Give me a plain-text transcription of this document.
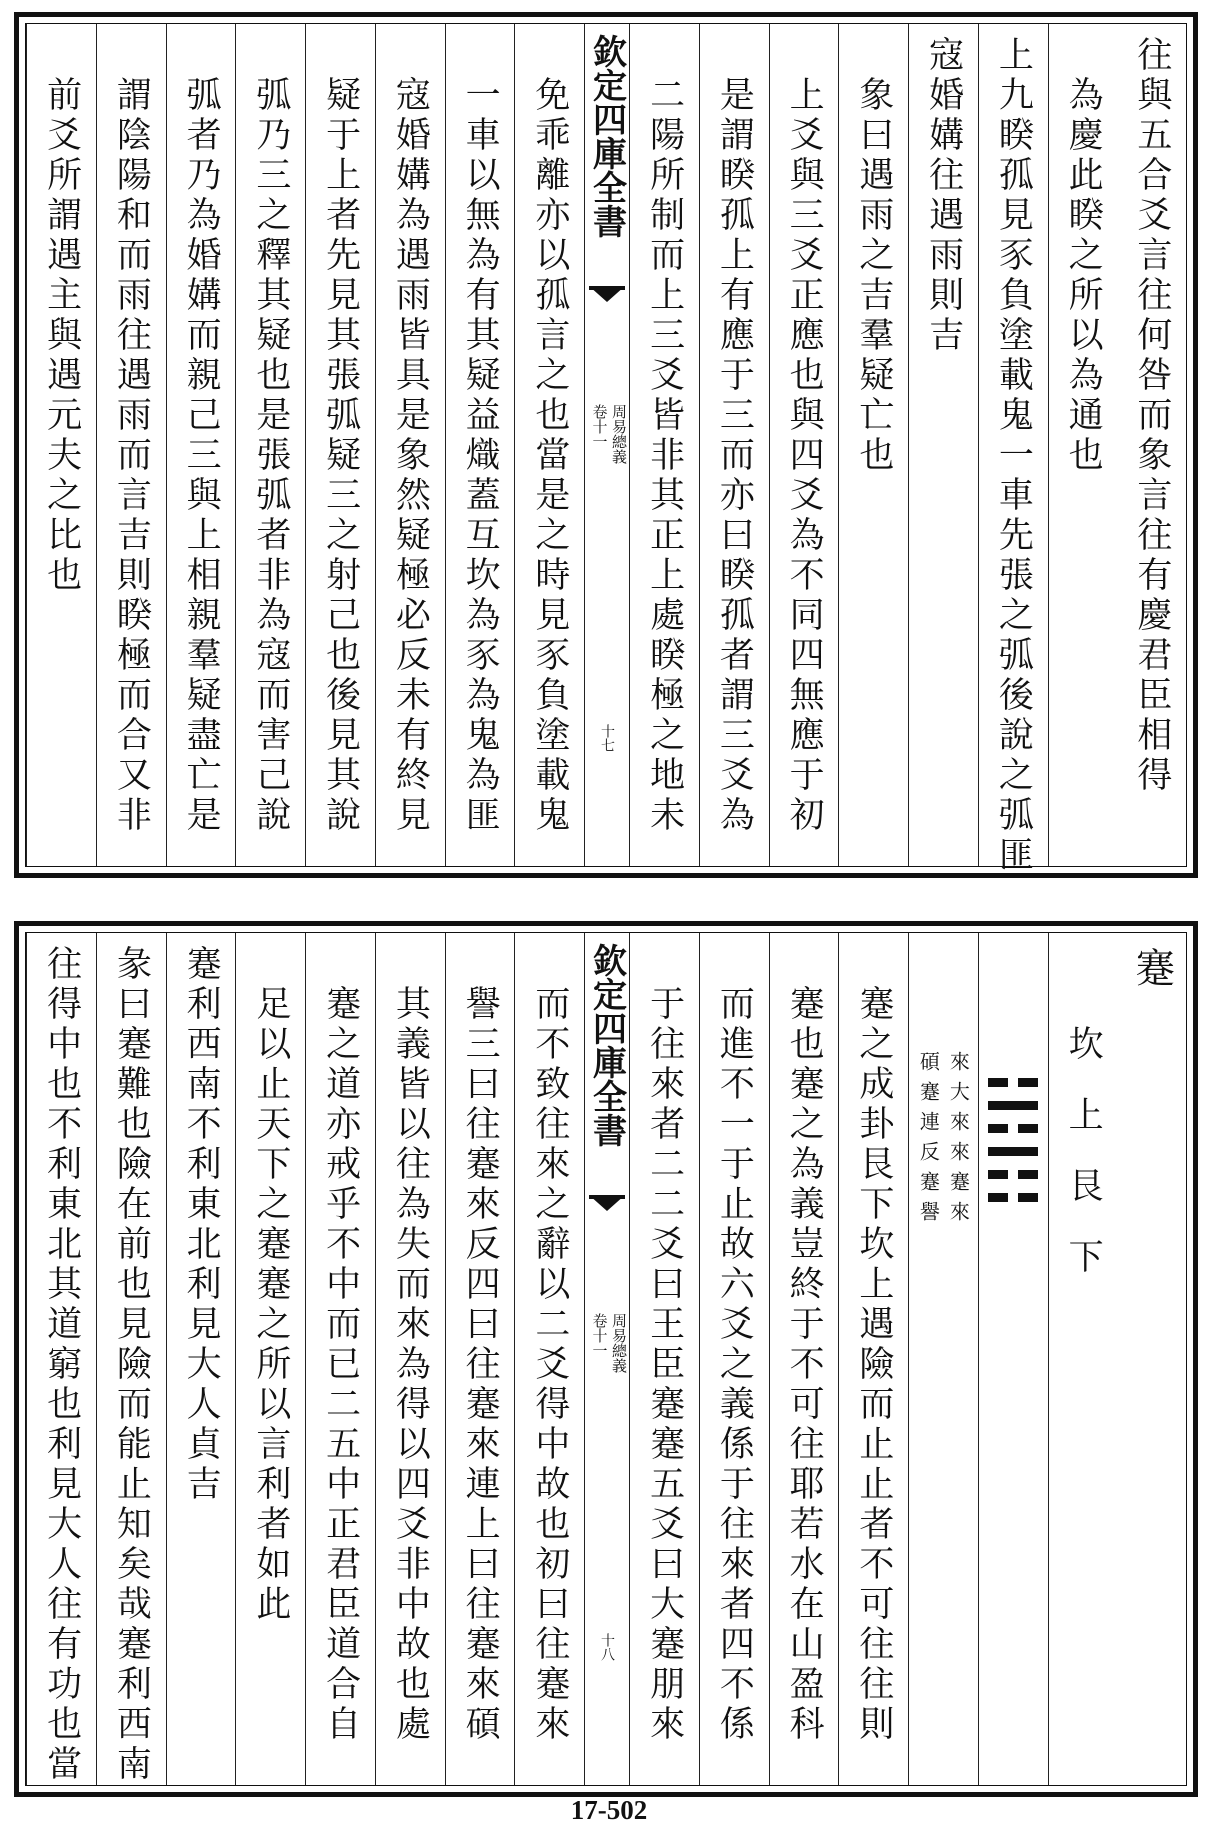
往與五合爻言往何咎而象言往有慶君臣相得
為慶此睽之所以為通也
上九睽孤見豕負塗載鬼一車先張之弧後說之弧匪
寇婚媾往遇雨則吉
象曰遇雨之吉羣疑亡也
上爻與三爻正應也與四爻為不同四無應于初
是謂睽孤上有應于三而亦曰睽孤者謂三爻為
二陽所制而上三爻皆非其正上處睽極之地未
欽定四庫全書
周易總義
卷十一
十七
免乖離亦以孤言之也當是之時見豕負塗載鬼
一車以無為有其疑益熾蓋互坎為豕為鬼為匪
寇婚媾為遇雨皆具是象然疑極必反未有終見
疑于上者先見其張弧疑三之射己也後見其說
弧乃三之釋其疑也是張弧者非為寇而害己說
弧者乃為婚媾而親己三與上相親羣疑盡亡是
謂陰陽和而雨往遇雨而言吉則睽極而合又非
前爻所謂遇主與遇元夫之比也
蹇
坎上艮下
來大來來蹇來
碩蹇連反蹇譽
蹇之成卦艮下坎上遇險而止止者不可往往則
蹇也蹇之為義豈終于不可往耶若水在山盈科
而進不一于止故六爻之義係于往來者四不係
于往來者二二爻曰王臣蹇蹇五爻曰大蹇朋來
欽定四庫全書
周易總義
卷十一
十八
而不致往來之辭以二爻得中故也初曰往蹇來
譽三曰往蹇來反四曰往蹇來連上曰往蹇來碩
其義皆以往為失而來為得以四爻非中故也處
蹇之道亦戒乎不中而已二五中正君臣道合自
足以止天下之蹇蹇之所以言利者如此
蹇利西南不利東北利見大人貞吉
彖曰蹇難也險在前也見險而能止知矣哉蹇利西南
往得中也不利東北其道窮也利見大人往有功也當
17-502
